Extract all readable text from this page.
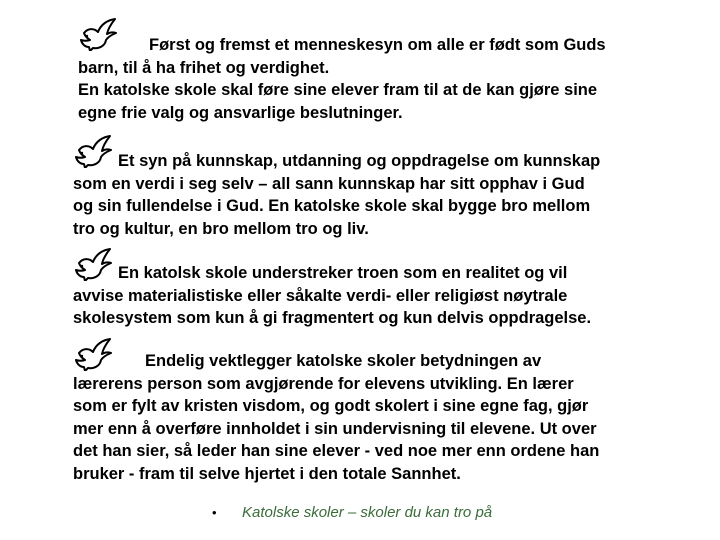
Først og fremst et menneskesyn om alle er født som Guds
barn, til å ha frihet og verdighet.
En katolske skole skal føre sine elever fram til at de kan gjøre sine
egne frie valg og ansvarlige beslutninger.
Et syn på kunnskap, utdanning og oppdragelse om kunnskap
som en verdi i seg selv – all sann kunnskap har sitt opphav i Gud
og sin fullendelse i Gud. En katolske skole skal bygge bro mellom
tro og kultur, en bro mellom tro og liv.
En katolsk skole understreker troen som en realitet og vil
avvise materialistiske eller såkalte verdi- eller religiøst nøytrale
skolesystem som kun å gi fragmentert og kun delvis oppdragelse.
Endelig vektlegger katolske skoler betydningen av
lærerens person som avgjørende for elevens utvikling. En lærer
som er fylt av kristen visdom, og godt skolert i sine egne fag, gjør
mer enn å overføre innholdet i sin undervisning til elevene. Ut over
det han sier, så leder han sine elever - ved noe mer enn ordene han
bruker - fram til selve hjertet i den totale Sannhet.
• Katolske skoler – skoler du kan tro på
